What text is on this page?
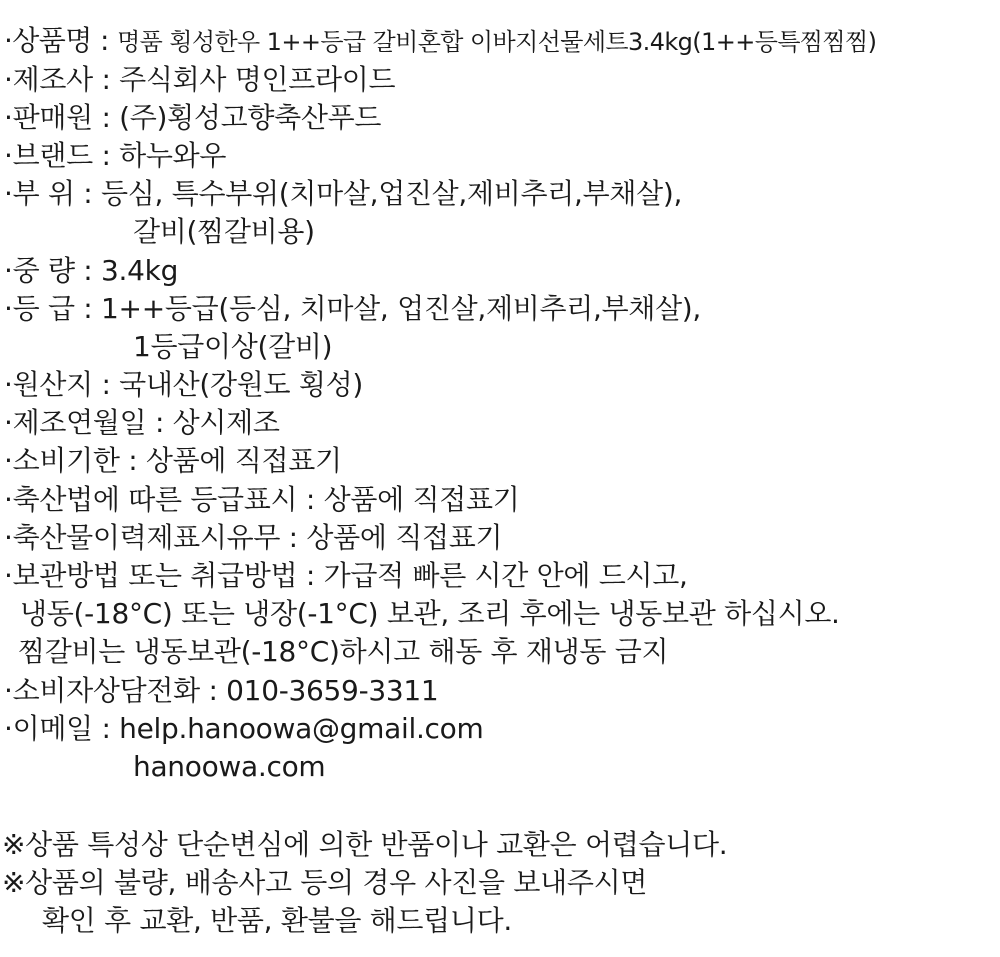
·상품명 : 명품 횡성한우 1++등급 갈비혼합 이바지선물세트3.4kg(1++등특찜찜찜)
·제조사 : 주식회사 명인프라이드
·판매원 : (주)횡성고향축산푸드
·브랜드 : 하누와우
·부 위 : 등심, 특수부위(치마살,업진살,제비추리,부채살),
갈비(찜갈비용)
·중 량 : 3.4kg
·등 급 : 1++등급(등심, 치마살, 업진살,제비추리,부채살),
1등급이상(갈비)
·원산지 : 국내산(강원도 횡성)
·제조연월일 : 상시제조
·소비기한 : 상품에 직접표기
·축산법에 따른 등급표시 : 상품에 직접표기
·축산물이력제표시유무 : 상품에 직접표기
·보관방법 또는 취급방법 : 가급적 빠른 시간 안에 드시고,
냉동(-18°C) 또는 냉장(-1°C) 보관, 조리 후에는 냉동보관 하십시오.
찜갈비는 냉동보관(-18°C)하시고 해동 후 재냉동 금지
·소비자상담전화 : 010-3659-3311
·이메일 : help.hanoowa@gmail.com
hanoowa.com
※상품 특성상 단순변심에 의한 반품이나 교환은 어렵습니다.
※상품의 불량, 배송사고 등의 경우 사진을 보내주시면
확인 후 교환, 반품, 환불을 해드립니다.
